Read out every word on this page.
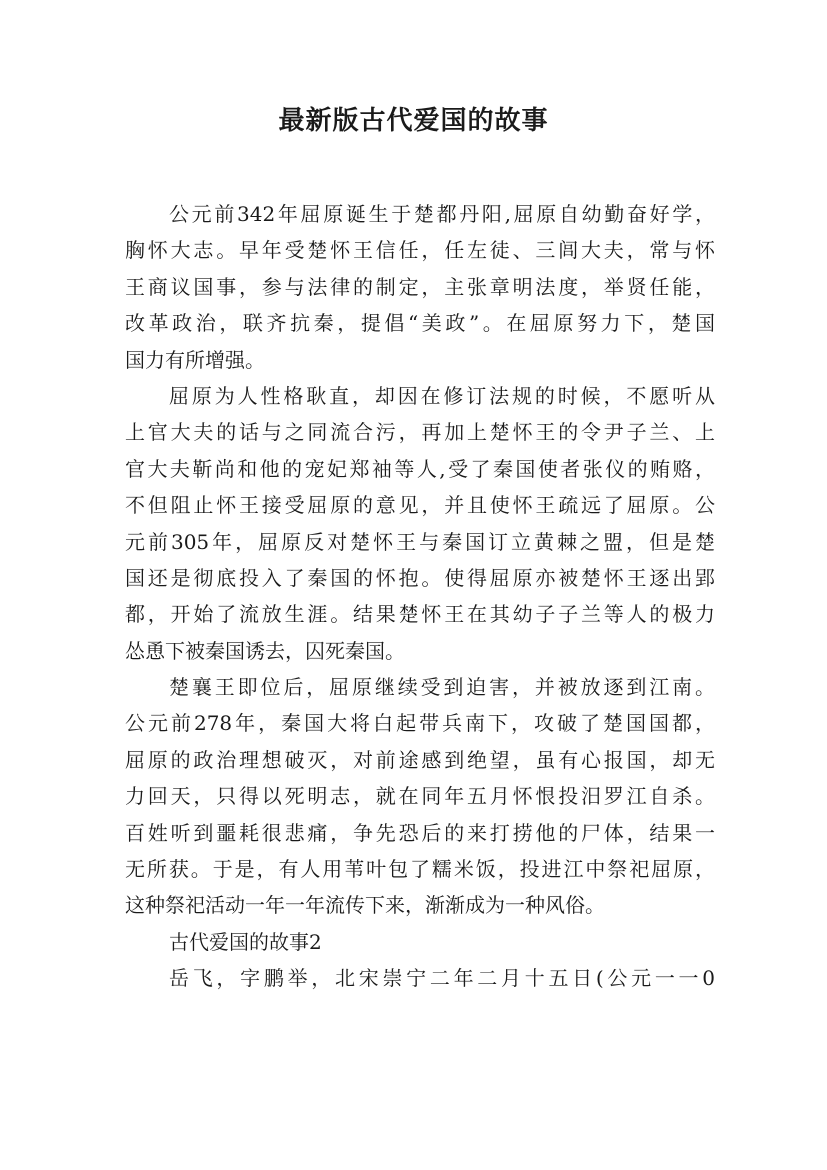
最新版古代爱国的故事
公元前342年屈原诞生于楚都丹阳,屈原自幼勤奋好学，
胸怀大志。早年受楚怀王信任，任左徒、三闾大夫，常与怀
王商议国事，参与法律的制定，主张章明法度，举贤任能，
改革政治，联齐抗秦，提倡“美政”。在屈原努力下，楚国
国力有所增强。
屈原为人性格耿直，却因在修订法规的时候，不愿听从
上官大夫的话与之同流合污，再加上楚怀王的令尹子兰、上
官大夫靳尚和他的宠妃郑袖等人,受了秦国使者张仪的贿赂，
不但阻止怀王接受屈原的意见，并且使怀王疏远了屈原。公
元前305年，屈原反对楚怀王与秦国订立黄棘之盟，但是楚
国还是彻底投入了秦国的怀抱。使得屈原亦被楚怀王逐出郢
都，开始了流放生涯。结果楚怀王在其幼子子兰等人的极力
怂恿下被秦国诱去，囚死秦国。
楚襄王即位后，屈原继续受到迫害，并被放逐到江南。
公元前278年，秦国大将白起带兵南下，攻破了楚国国都，
屈原的政治理想破灭，对前途感到绝望，虽有心报国，却无
力回天，只得以死明志，就在同年五月怀恨投汨罗江自杀。
百姓听到噩耗很悲痛，争先恐后的来打捞他的尸体，结果一
无所获。于是，有人用苇叶包了糯米饭，投进江中祭祀屈原，
这种祭祀活动一年一年流传下来，渐渐成为一种风俗。
古代爱国的故事2
岳飞，字鹏举，北宋崇宁二年二月十五日(公元一一0
